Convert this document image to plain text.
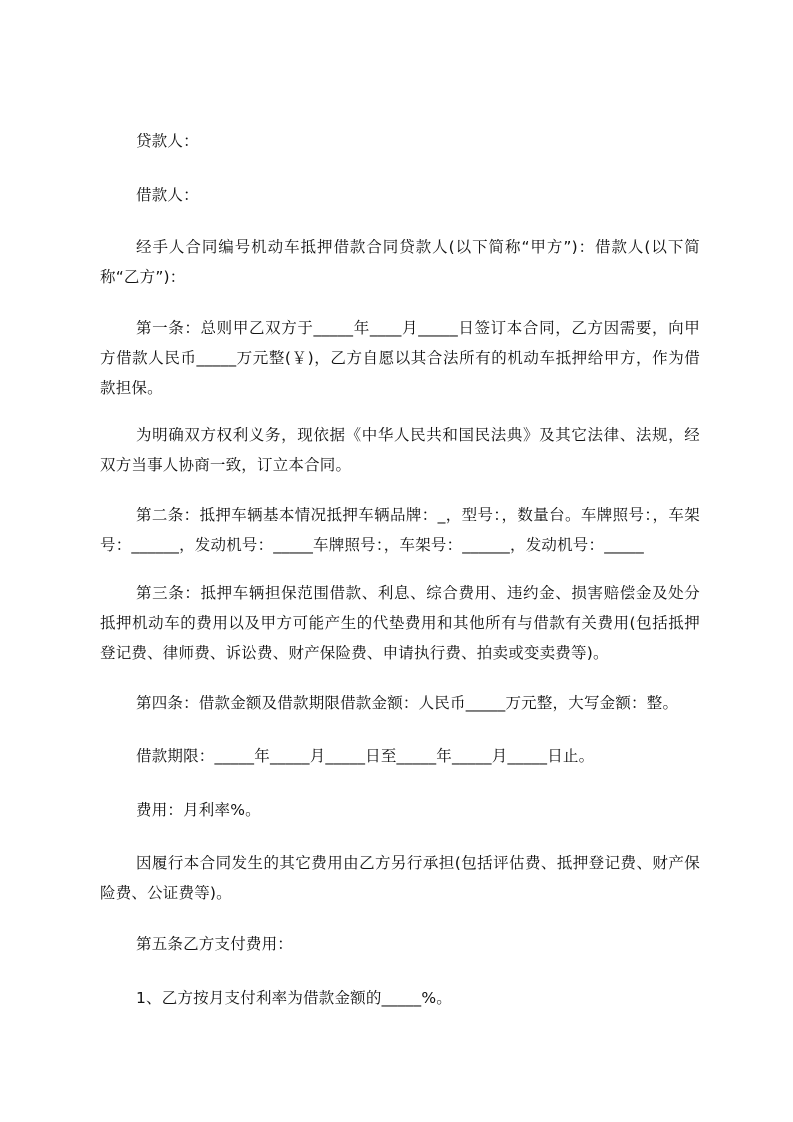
贷款人：

借款人：

经手人合同编号机动车抵押借款合同贷款人(以下简称“甲方”)：借款人(以下简称“乙方”)：

第一条：总则甲乙双方于_____年____月_____日签订本合同，乙方因需要，向甲方借款人民币_____万元整(￥)，乙方自愿以其合法所有的机动车抵押给甲方，作为借款担保。

为明确双方权利义务，现依据《中华人民共和国民法典》及其它法律、法规，经双方当事人协商一致，订立本合同。

第二条：抵押车辆基本情况抵押车辆品牌：_，型号：，数量台。车牌照号：，车架号：______，发动机号：_____车牌照号：，车架号：______，发动机号：_____

第三条：抵押车辆担保范围借款、利息、综合费用、违约金、损害赔偿金及处分抵押机动车的费用以及甲方可能产生的代垫费用和其他所有与借款有关费用(包括抵押登记费、律师费、诉讼费、财产保险费、申请执行费、拍卖或变卖费等)。

第四条：借款金额及借款期限借款金额：人民币_____万元整，大写金额：整。

借款期限：_____年_____月_____日至_____年_____月_____日止。

费用：月利率%。

因履行本合同发生的其它费用由乙方另行承担(包括评估费、抵押登记费、财产保险费、公证费等)。

第五条乙方支付费用：

1、乙方按月支付利率为借款金额的_____%。
